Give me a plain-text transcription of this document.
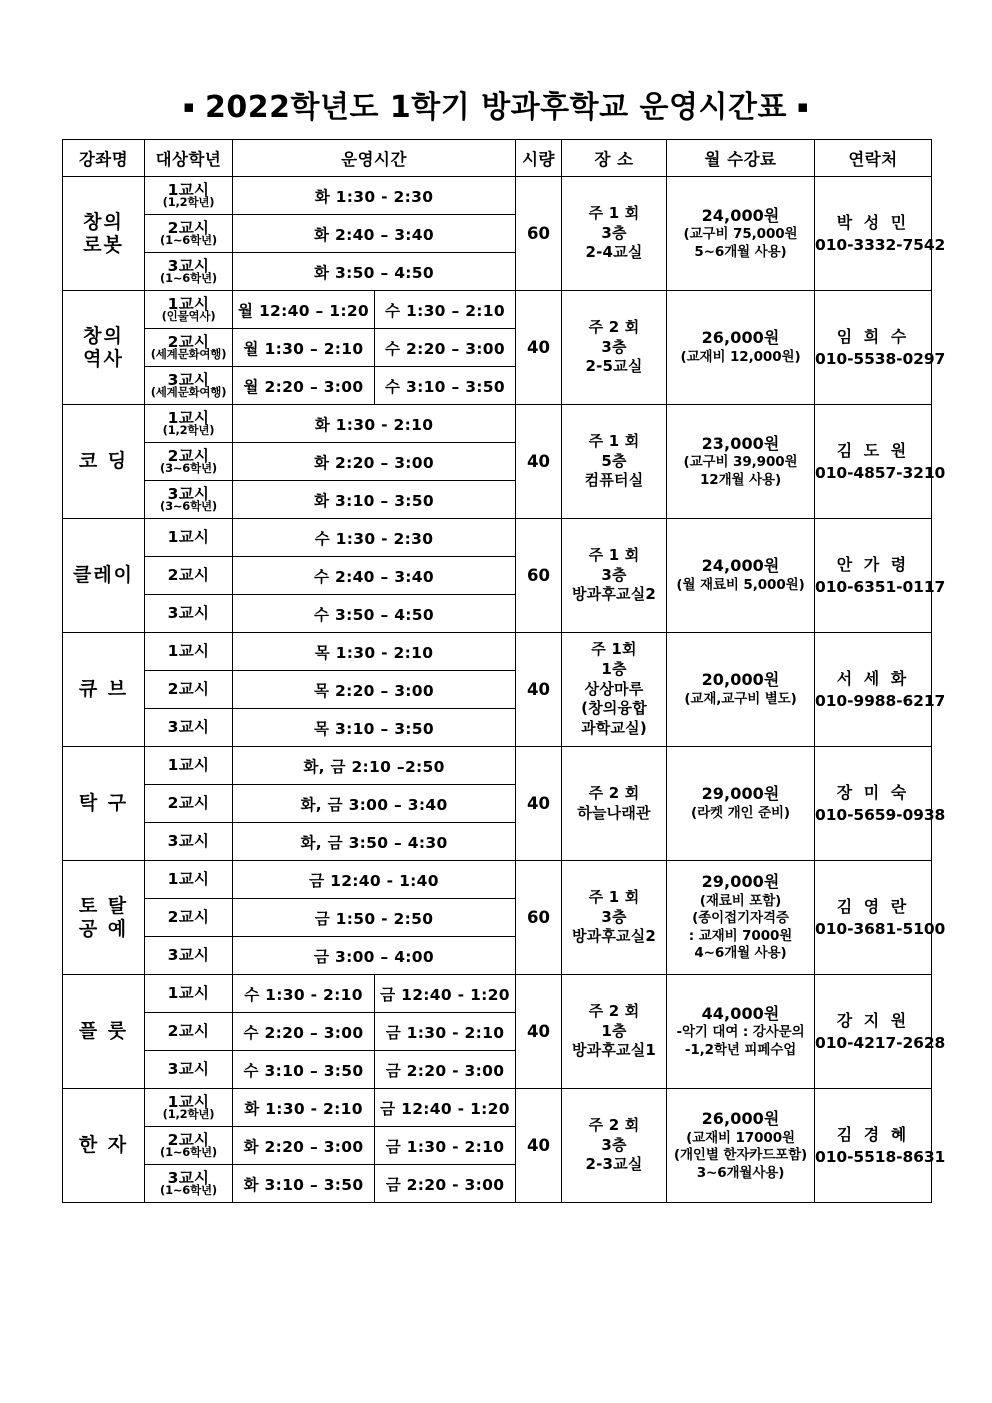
▪ 2022학년도 1학기 방과후학교 운영시간표 ▪
강좌명	대상학년	운영시간		시량	장 소	월 수강료	연락처

창의
로봇	1교시
(1,2학년)	화 1:30 - 2:30		60	주 1 회
3층
2-4교실	24,000원
(교구비 75,000원
5~6개월 사용)	박 성 민
010-3332-7542

	2교시
(1~6학년)	화 2:40 – 3:40					

	3교시
(1~6학년)	화 3:50 – 4:50					

창의
역사	1교시
(인물역사)	월 12:40 – 1:20	수 1:30 – 2:10	40	주 2 회
3층
2-5교실	26,000원
(교재비 12,000원)	임 희 수
010-5538-0297

	2교시
(세계문화여행)	월 1:30 – 2:10	수 2:20 – 3:00				

	3교시
(세계문화여행)	월 2:20 – 3:00	수 3:10 – 3:50				

코 딩	1교시
(1,2학년)	화 1:30 - 2:10		40	주 1 회
5층
컴퓨터실	23,000원
(교구비 39,900원
12개월 사용)	김 도 원
010-4857-3210

	2교시
(3~6학년)	화 2:20 – 3:00					

	3교시
(3~6학년)	화 3:10 – 3:50					

클레이	1교시	수 1:30 - 2:30		60	주 1 회
3층
방과후교실2	24,000원
(월 재료비 5,000원)	안 가 령
010-6351-0117

	2교시	수 2:40 – 3:40					

	3교시	수 3:50 – 4:50					

큐 브	1교시	목 1:30 - 2:10		40	주 1회
1층
상상마루
(창의융합
과학교실)	20,000원
(교재,교구비 별도)	서 세 화
010-9988-6217

	2교시	목 2:20 – 3:00					

	3교시	목 3:10 – 3:50					

탁 구	1교시	화, 금 2:10 –2:50		40	주 2 회
하늘나래관	29,000원
(라켓 개인 준비)	장 미 숙
010-5659-0938

	2교시	화, 금 3:00 – 3:40					

	3교시	화, 금 3:50 – 4:30					

토 탈
공 예	1교시	금 12:40 - 1:40		60	주 1 회
3층
방과후교실2	29,000원
(재료비 포함)
(종이접기자격증
: 교재비 7000원
4~6개월 사용)	김 영 란
010-3681-5100

	2교시	금 1:50 - 2:50					

	3교시	금 3:00 – 4:00					

플 룻	1교시	수 1:30 - 2:10	금 12:40 - 1:20	40	주 2 회
1층
방과후교실1	44,000원
-악기 대여 : 강사문의
-1,2학년 피페수업	강 지 원
010-4217-2628

	2교시	수 2:20 – 3:00	금 1:30 - 2:10				

	3교시	수 3:10 – 3:50	금 2:20 - 3:00				

한 자	1교시
(1,2학년)	화 1:30 - 2:10	금 12:40 - 1:20	40	주 2 회
3층
2-3교실	26,000원
(교재비 17000원
(개인별 한자카드포함)
3~6개월사용)	김 경 혜
010-5518-8631

	2교시
(1~6학년)	화 2:20 – 3:00	금 1:30 - 2:10				

	3교시
(1~6학년)	화 3:10 – 3:50	금 2:20 - 3:00				
